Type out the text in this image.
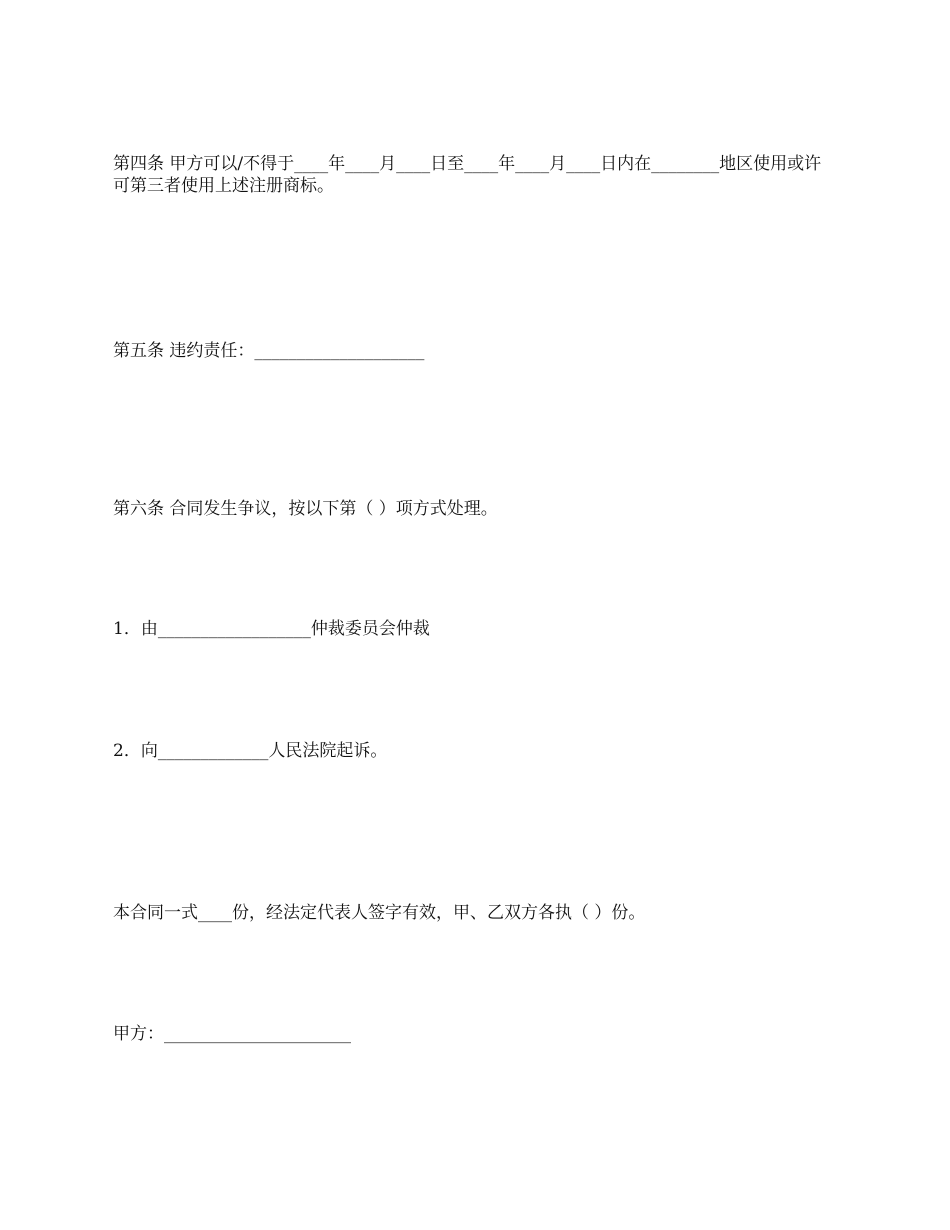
第四条 甲方可以/不得于____年____月____日至____年____月____日内在________地区使用或许可第三者使用上述注册商标。

第五条 违约责任：____________________

第六条 合同发生争议，按以下第（ ）项方式处理。

1．由__________________仲裁委员会仲裁

2．向_____________人民法院起诉。

本合同一式____份，经法定代表人签字有效，甲、乙双方各执（ ）份。

甲方：______________________
